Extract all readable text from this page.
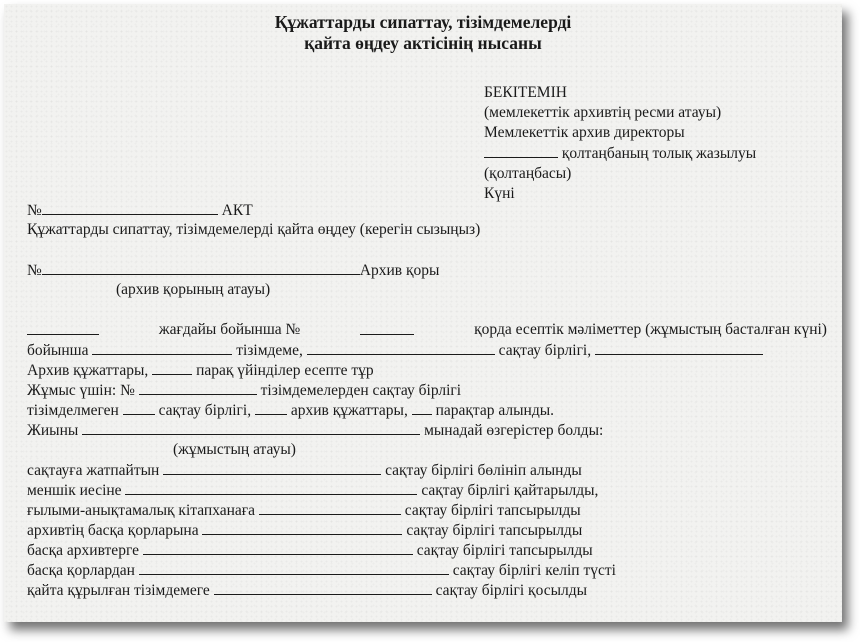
Құжаттарды сипаттау, тізімдемелерді
қайта өңдеу актісінің нысаны
БЕКІТЕМІН
(мемлекеттік архивтің ресми атауы)
Мемлекеттік архив директоры
қолтаңбаның толық жазылуы
(қолтаңбасы)
Күні
№	АКТ
Құжаттарды сипаттау, тізімдемелерді қайта өңдеу (керегін сызыңыз)
№	Архив қоры
(архив қорының атауы)
жағдайы бойынша №	қорда есептік мәліметтер (жұмыстың басталған күні)
бойынша	тізімдеме,	сақтау бірлігі,
Архив құжаттары,	парақ үйінділер есепте тұр
Жұмыс үшін: №	тізімдемелерден сақтау бірлігі
тізімделмеген	сақтау бірлігі,	архив құжаттары, парақтар алынды.
Жиыны	мынадай өзгерістер болды:
(жұмыстың атауы)
сақтауға жатпайтын	сақтау бірлігі бөлініп алынды
меншік иесіне	сақтау бірлігі қайтарылды,
ғылыми-анықтамалық кітапханаға	сақтау бірлігі тапсырылды
архивтің басқа қорларына	сақтау бірлігі тапсырылды
басқа архивтерге	сақтау бірлігі тапсырылды
басқа қорлардан	сақтау бірлігі келіп түсті
қайта құрылған тізімдемеге	сақтау бірлігі қосылды
